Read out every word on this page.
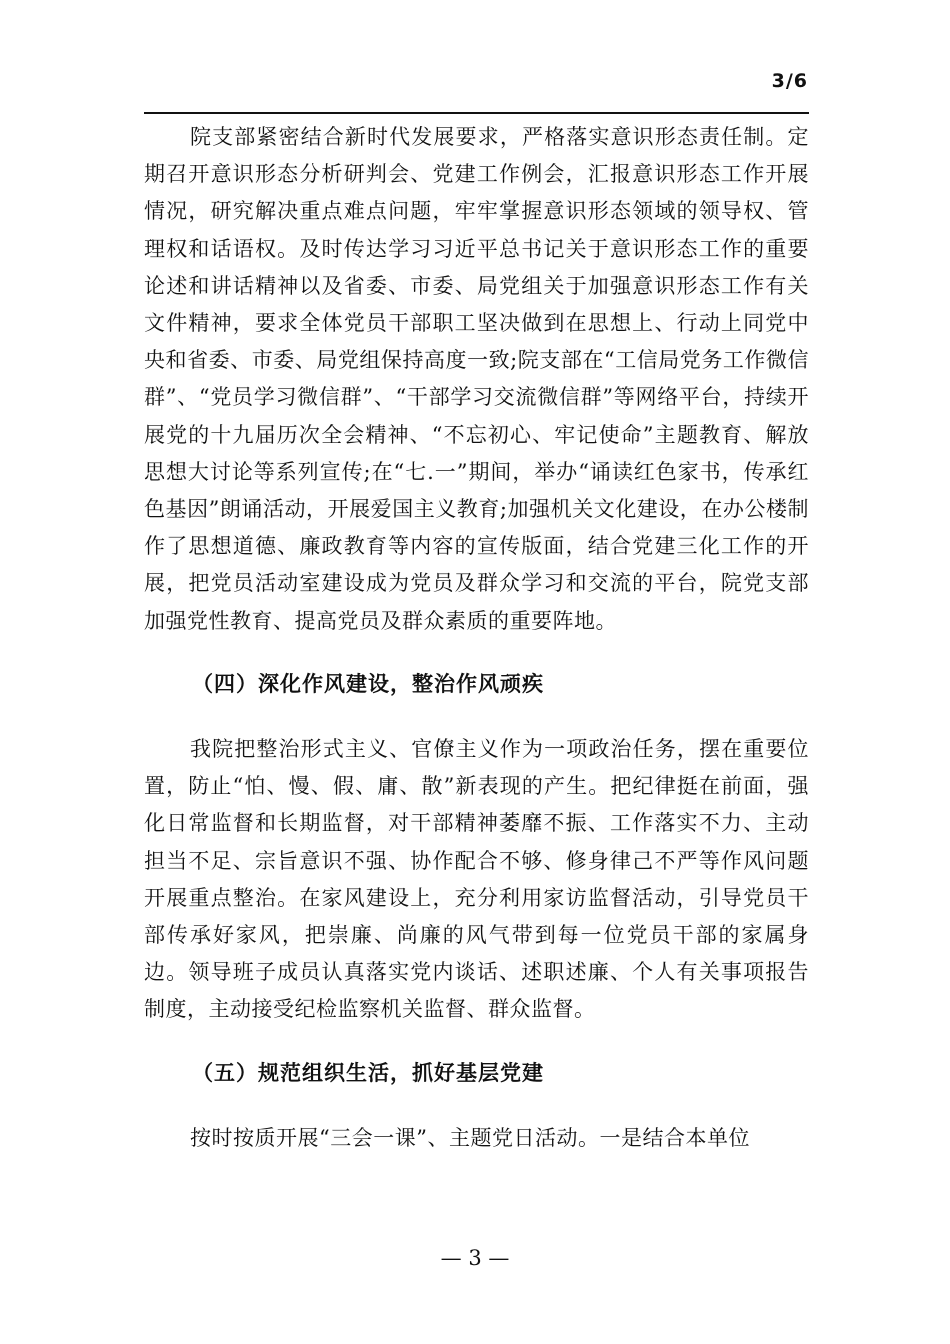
3/6

院支部紧密结合新时代发展要求，严格落实意识形态责任制。定期召开意识形态分析研判会、党建工作例会，汇报意识形态工作开展情况，研究解决重点难点问题，牢牢掌握意识形态领域的领导权、管理权和话语权。及时传达学习习近平总书记关于意识形态工作的重要论述和讲话精神以及省委、市委、局党组关于加强意识形态工作有关文件精神，要求全体党员干部职工坚决做到在思想上、行动上同党中央和省委、市委、局党组保持高度一致;院支部在“工信局党务工作微信群”、“党员学习微信群”、“干部学习交流微信群”等网络平台，持续开展党的十九届历次全会精神、“不忘初心、牢记使命”主题教育、解放思想大讨论等系列宣传;在“七.一”期间，举办“诵读红色家书，传承红色基因”朗诵活动，开展爱国主义教育;加强机关文化建设，在办公楼制作了思想道德、廉政教育等内容的宣传版面，结合党建三化工作的开展，把党员活动室建设成为党员及群众学习和交流的平台，院党支部加强党性教育、提高党员及群众素质的重要阵地。

（四）深化作风建设，整治作风顽疾

我院把整治形式主义、官僚主义作为一项政治任务，摆在重要位置，防止“怕、慢、假、庸、散”新表现的产生。把纪律挺在前面，强化日常监督和长期监督，对干部精神萎靡不振、工作落实不力、主动担当不足、宗旨意识不强、协作配合不够、修身律己不严等作风问题开展重点整治。在家风建设上，充分利用家访监督活动，引导党员干部传承好家风，把崇廉、尚廉的风气带到每一位党员干部的家属身边。领导班子成员认真落实党内谈话、述职述廉、个人有关事项报告制度，主动接受纪检监察机关监督、群众监督。

（五）规范组织生活，抓好基层党建

按时按质开展“三会一课”、主题党日活动。一是结合本单位

— 3 —
